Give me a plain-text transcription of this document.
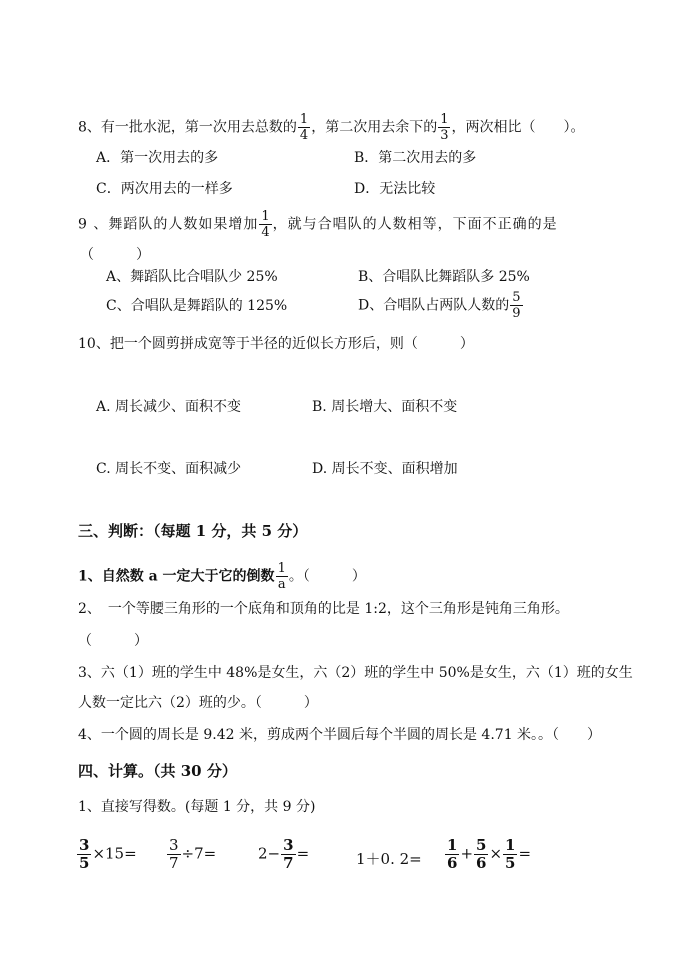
8、有一批水泥，第一次用去总数的 $\frac{1}{4}$ ，第二次用去余下的 $\frac{1}{3}$ ，两次相比（　　）。
A．第一次用去的多	B．第二次用去的多
C．两次用去的一样多	D．无法比较
9 、舞蹈队的人数如果增加 $\frac{1}{4}$ ，就与合唱队的人数相等，下面不正确的是
（　　　）
A、舞蹈队比合唱队少 25%	B、合唱队比舞蹈队多 25%
C、合唱队是舞蹈队的 125%	D、合唱队占两队人数的 $\frac{5}{9}$
10、把一个圆剪拼成宽等于半径的近似长方形后，则（　　　）
A. 周长减少、面积不变	B. 周长增大、面积不变
C. 周长不变、面积减少	D. 周长不变、面积增加
三、判断：（每题 1 分，共 5 分）
1、自然数 a 一定大于它的倒数 $\frac{1}{a}$ 。（　　　）
2、　一个等腰三角形的一个底角和顶角的比是 1:2，这个三角形是钝角三角形。
（　　　）
3、六（1）班的学生中 48%是女生，六（2）班的学生中 50%是女生，六（1）班的女生
人数一定比六（2）班的少。（　　　）
4、一个圆的周长是 9.42 米，剪成两个半圆后每个半圆的周长是 4.71 米。。（　　）
四、计算。（共 30 分）
1、直接写得数。(每题 1 分，共 9 分)
$\frac{3}{5} \times 15= \frac{3}{7} \div 7=$	$2- \frac{3}{7}$ =	1＋0. $2= \frac{1}{6} + \frac{5}{6} \times \frac{1}{5}$ =
